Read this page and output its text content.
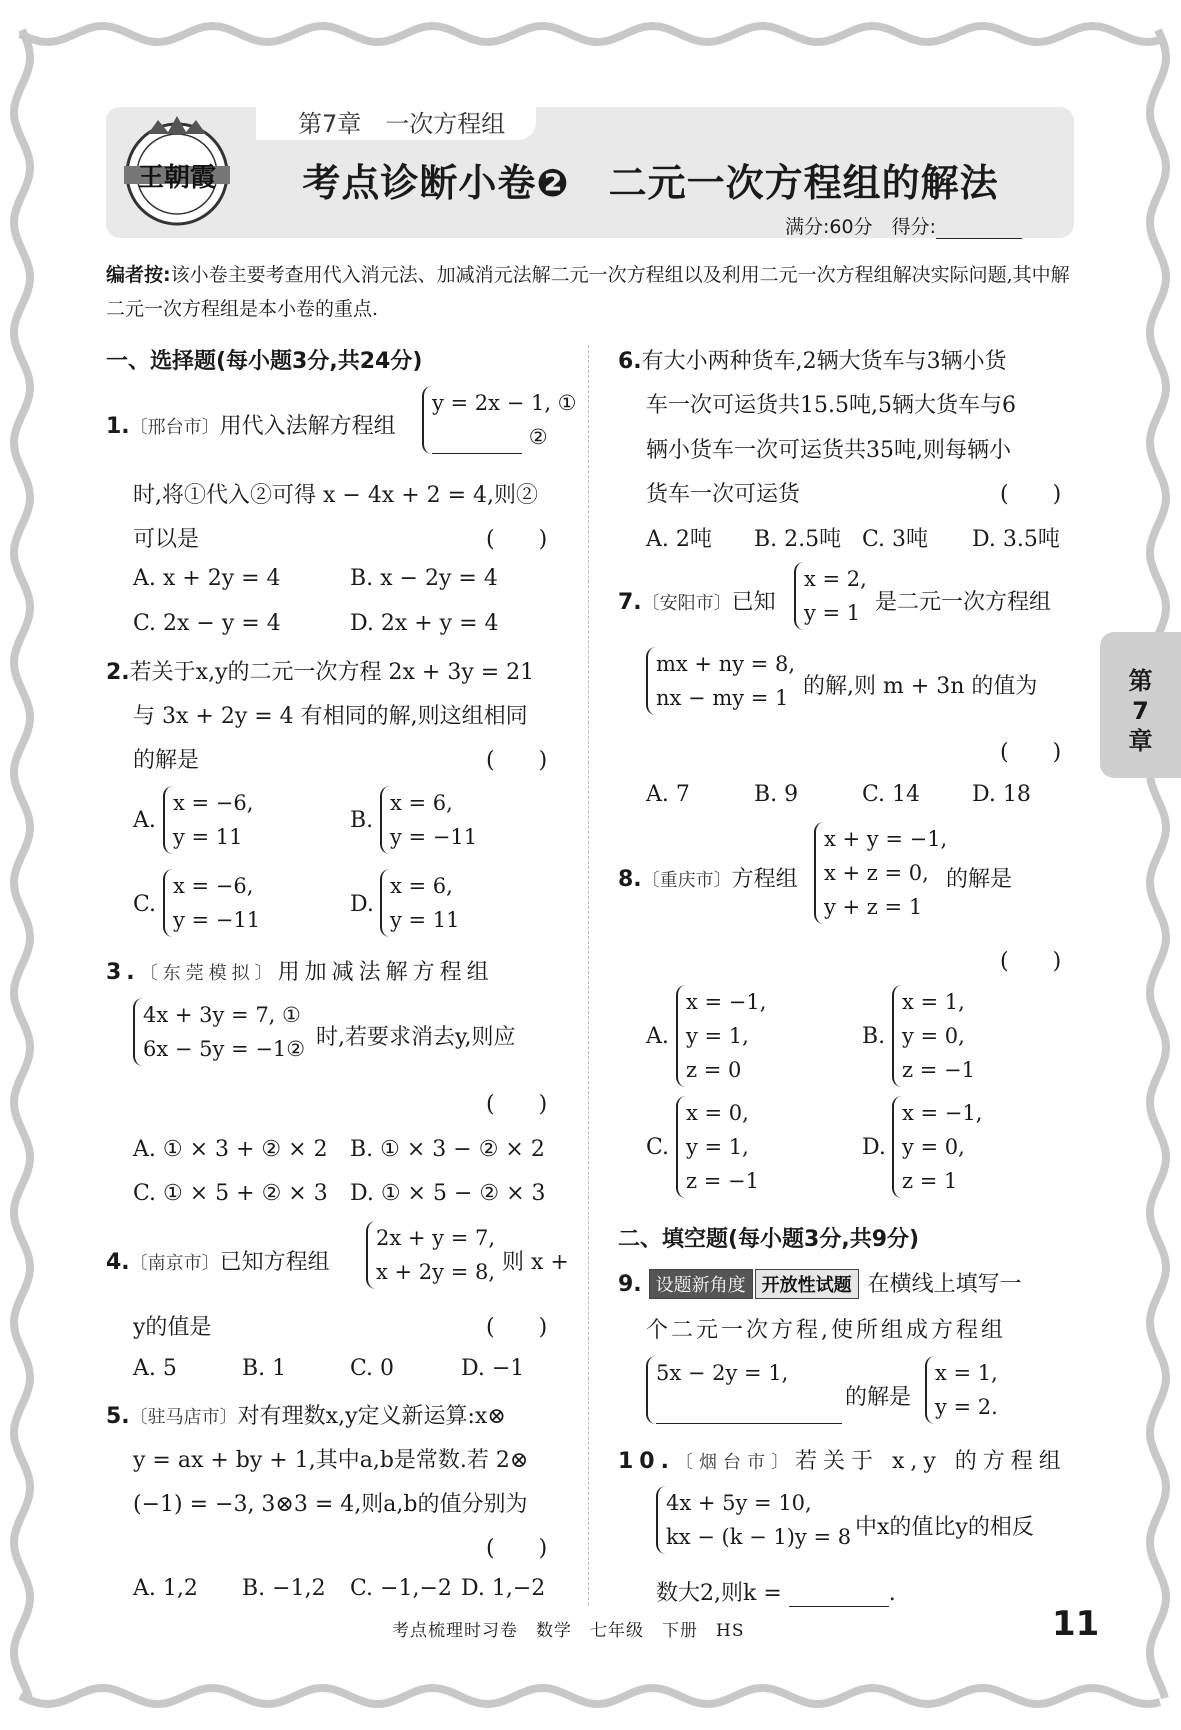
王朝霞
第7章　一次方程组
考点诊断小卷❷　二元一次方程组的解法
满分:60分　得分:
编者按:该小卷主要考查用代入消元法、加减消元法解二元一次方程组以及利用二元一次方程组解决实际问题,其中解二元一次方程组是本小卷的重点.
第
7
章
一、选择题(每小题3分,共24分)
1.〔邢台市〕用代入法解方程组
y = 2x − 1, ①
②
时,将①代入②可得 x − 4x + 2 = 4,则②
可以是	(　　)
A. x + 2y = 4	B. x − 2y = 4
C. 2x − y = 4	D. 2x + y = 4
2.若关于x,y的二元一次方程 2x + 3y = 21
与 3x + 2y = 4 有相同的解,则这组相同
的解是	(　　)
A.
x = −6,
y = 11
B.
x = 6,
y = −11
C.
x = −6,
y = −11
D.
x = 6,
y = 11
3.〔东莞模拟〕用加减法解方程组
4x + 3y = 7, ①
6x − 5y = −1② 时,若要求消去y,则应
(　　)
A. ① × 3 + ② × 2 B. ① × 3 − ② × 2
C. ① × 5 + ② × 3 D. ① × 5 − ② × 3
4.〔南京市〕已知方程组
2x + y = 7,
x + 2y = 8, 则 x +
y的值是	(　　)
A. 5	B. 1	C. 0	D. −1
5.〔驻马店市〕对有理数x,y定义新运算:x⊗
y = ax + by + 1,其中a,b是常数.若 2⊗
(−1) = −3, 3⊗3 = 4,则a,b的值分别为
(　　)
A. 1,2 B. −1,2 C. −1,−2 D. 1,−2
6.有大小两种货车,2辆大货车与3辆小货
车一次可运货共15.5吨,5辆大货车与6
辆小货车一次可运货共35吨,则每辆小
货车一次可运货	(　　)
A. 2吨 B. 2.5吨 C. 3吨 D. 3.5吨
7.〔安阳市〕已知
x = 2,
y = 1 是二元一次方程组
mx + ny = 8,
nx − my = 1 的解,则 m + 3n 的值为
(　　)
A. 7	B. 9	C. 14 D. 18
8.〔重庆市〕方程组
x + y = −1,
x + z = 0,
y + z = 1
的解是
(　　)
A.
x = −1,
y = 1,
z = 0
B.
x = 1,
y = 0,
z = −1
C.
x = 0,
y = 1,
z = −1
D.
x = −1,
y = 0,
z = 1
二、填空题(每小题3分,共9分)
9. 设题新角度 开放性试题 在横线上填写一
个二元一次方程,使所组成方程组
5x − 2y = 1,
的解是
x = 1,
y = 2.
10.〔烟台市〕若关于 x,y 的方程组
4x + 5y = 10,
kx − (k − 1)y = 8 中x的值比y的相反
数大2,则k =	.
考点梳理时习卷　数学　七年级　下册　HS	11
